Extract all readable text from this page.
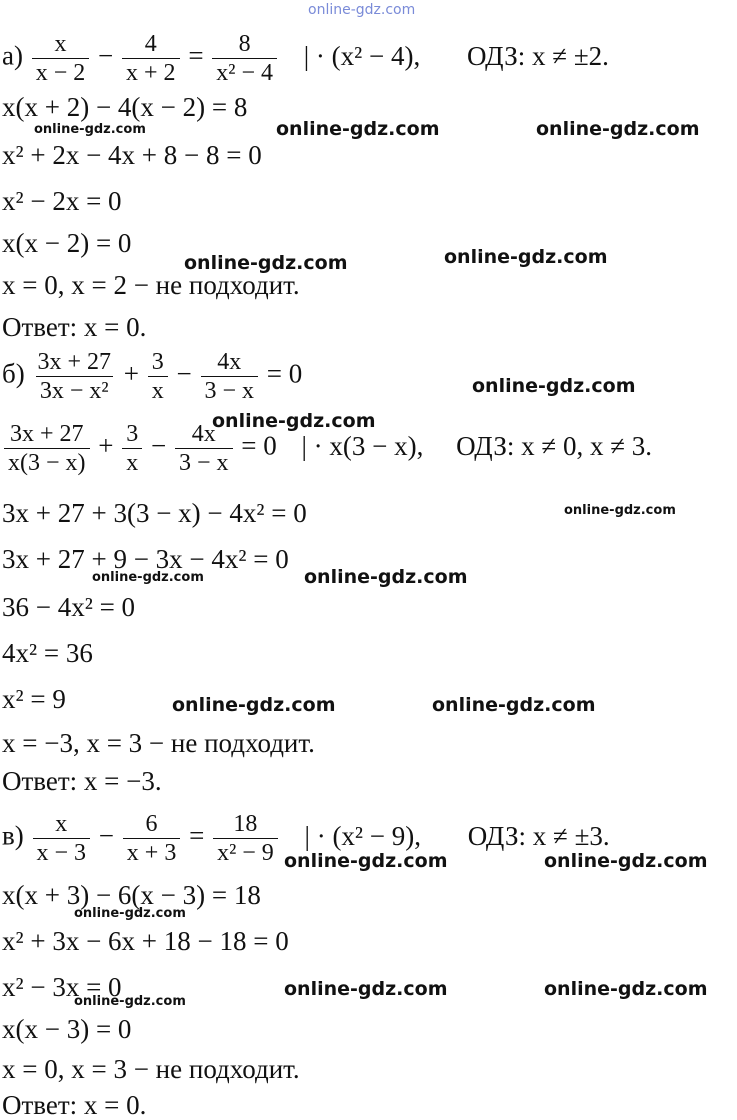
online-gdz.com
$а) \frac{x}{x - 2} - \frac{4}{x + 2} = \frac{8}{\text{x² − 4}}$ | · (x² − 4), ОДЗ: x ≠ ±2.
x(x + 2) − 4(x − 2) = 8
x² + 2x − 4x + 8 − 8 = 0
x² − 2x = 0
x(x − 2) = 0
x = 0, x = 2 − не подходит.
Ответ: x = 0.
$б) \frac{3x + 27}{\text{3x − x²}} + \frac{3}{x} - \frac{4x}{3 - x} = 0$
$\frac{3x + 27}{x(3 - x)} + \frac{3}{x} - \frac{4x}{3 - x} = 0$ | · x(3 − x), ОДЗ: x ≠ 0, x ≠ 3.
3x + 27 + 3(3 − x) − 4x² = 0
3x + 27 + 9 − 3x − 4x² = 0
36 − 4x² = 0
4x² = 36
x² = 9
x = −3, x = 3 − не подходит.
Ответ: x = −3.
$в) \frac{x}{x - 3} - \frac{6}{x + 3} = \frac{18}{\text{x² − 9}}$ | · (x² − 9), ОДЗ: x ≠ ±3.
x(x + 3) − 6(x − 3) = 18
x² + 3x − 6x + 18 − 18 = 0
x² − 3x = 0
x(x − 3) = 0
x = 0, x = 3 − не подходит.
Ответ: x = 0.
online-gdz.com	online-gdz.com	online-gdz.com
online-gdz.com	online-gdz.com
online-gdz.com
online-gdz.com
online-gdz.com
online-gdz.com	online-gdz.com
online-gdz.com	online-gdz.com
online-gdz.com	online-gdz.com
online-gdz.com
online-gdz.com
online-gdz.com	online-gdz.com
